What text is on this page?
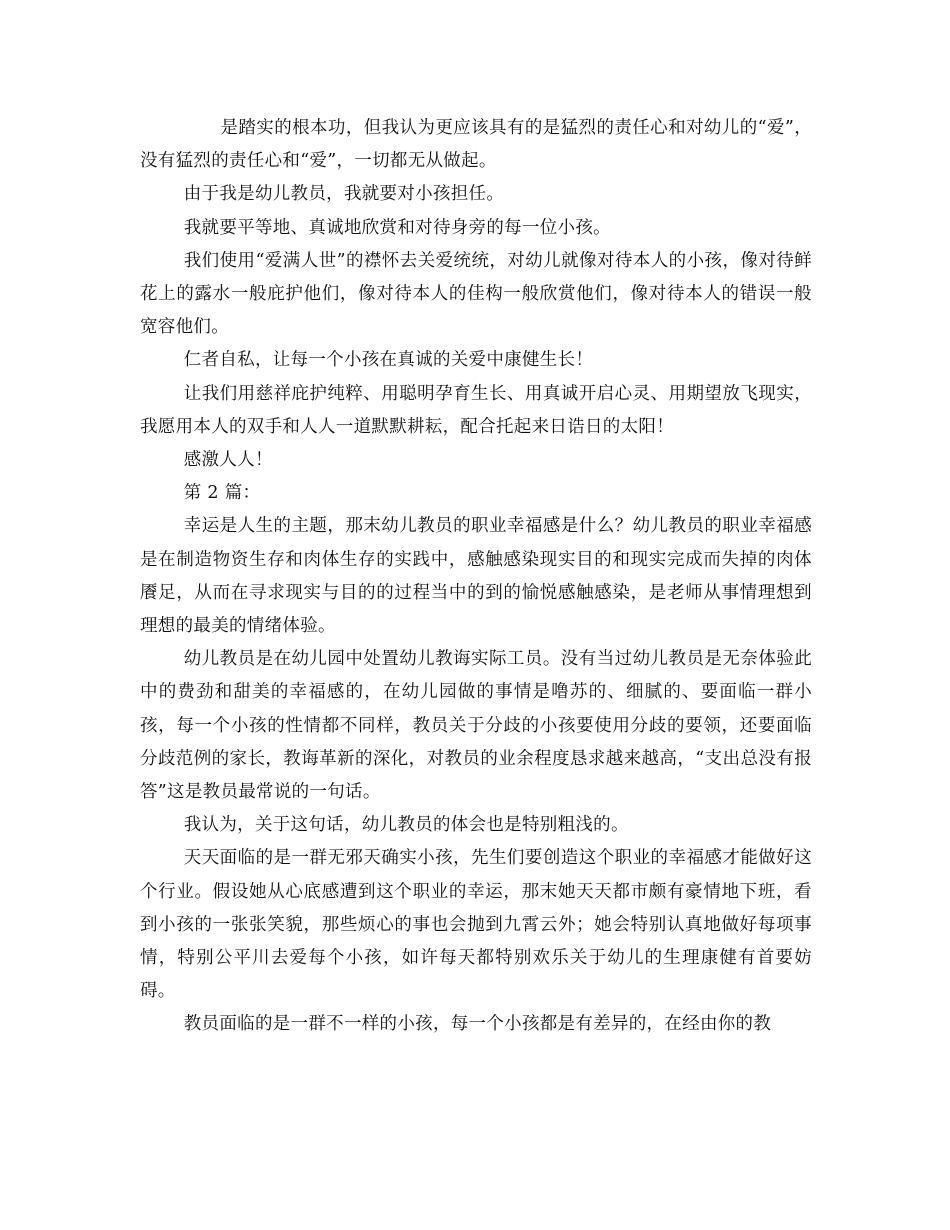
是踏实的根本功，但我认为更应该具有的是猛烈的责任心和对幼儿的“爱”，没有猛烈的责任心和“爱”，一切都无从做起。

由于我是幼儿教员，我就要对小孩担任。

我就要平等地、真诚地欣赏和对待身旁的每一位小孩。

我们使用“爱满人世”的襟怀去关爱统统，对幼儿就像对待本人的小孩，像对待鲜花上的露水一般庇护他们，像对待本人的佳构一般欣赏他们，像对待本人的错误一般宽容他们。

仁者自私，让每一个小孩在真诚的关爱中康健生长！

让我们用慈祥庇护纯粹、用聪明孕育生长、用真诚开启心灵、用期望放飞现实，我愿用本人的双手和人人一道默默耕耘，配合托起来日诰日的太阳！

感激人人！

第 2 篇：

幸运是人生的主题，那末幼儿教员的职业幸福感是什么？幼儿教员的职业幸福感是在制造物资生存和肉体生存的实践中，感触感染现实目的和现实完成而失掉的肉体餍足，从而在寻求现实与目的的过程当中的到的愉悦感触感染，是老师从事情理想到理想的最美的情绪体验。

幼儿教员是在幼儿园中处置幼儿教诲实际工员。没有当过幼儿教员是无奈体验此中的费劲和甜美的幸福感的，在幼儿园做的事情是噜苏的、细腻的、要面临一群小孩，每一个小孩的性情都不同样，教员关于分歧的小孩要使用分歧的要领，还要面临分歧范例的家长，教诲革新的深化，对教员的业余程度恳求越来越高，“支出总没有报答”这是教员最常说的一句话。

我认为，关于这句话，幼儿教员的体会也是特别粗浅的。

天天面临的是一群无邪天确实小孩，先生们要创造这个职业的幸福感才能做好这个行业。假设她从心底感遭到这个职业的幸运，那末她天天都市颇有豪情地下班，看到小孩的一张张笑貌，那些烦心的事也会抛到九霄云外；她会特别认真地做好每项事情，特别公平川去爱每个小孩，如许每天都特别欢乐关于幼儿的生理康健有首要妨碍。

教员面临的是一群不一样的小孩，每一个小孩都是有差异的，在经由你的教
